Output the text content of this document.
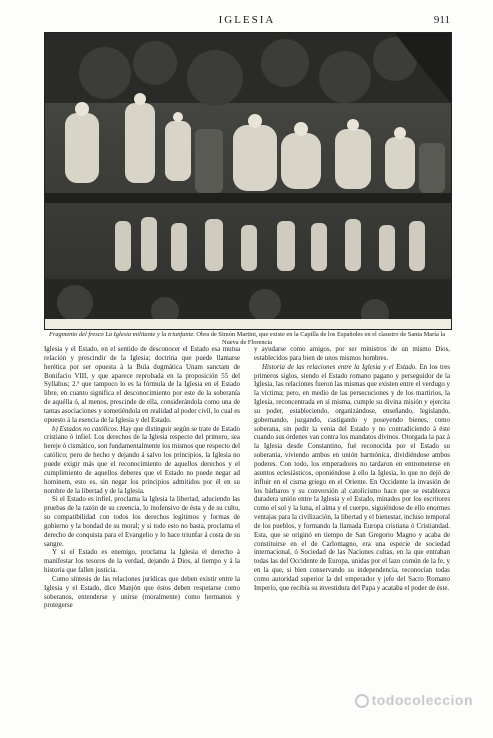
IGLESIA	911
Fragmento del fresco La Iglesia militante y la triunfante. Obra de Simón Martini, que existe en la Capilla de los Españoles en el claustro de Santa María la Nueva de Florencia

Iglesia y el Estado, en el sentido de desconocer el Estado esa mutua relación y prescindir de la Iglesia; doctrina que puede llamarse herética por ser opuesta á la Bula dogmática Unam sanctam de Bonifacio VIII, y que aparece reprobada en la proposición 55 del Syllabus; 2.ª que tampoco lo es la fórmula de la Iglesia en el Estado libre, en cuanto significa el desconocimiento por este de la soberanía de aquélla ó, al menos, prescinde de ella, considerándola como una de tantas asociaciones y sometiéndola en realidad al poder civil, lo cual es opuesto á la esencia de la Iglesia y del Estado.

b) Estados no católicos. Hay que distinguir según se trate de Estado cristiano ó infiel. Los derechos de la Iglesia respecto del primero, sea hereje ó cismático, son fundamentalmente los mismos que respecto del católico; pero de hecho y dejando á salvo los principios, la Iglesia no puede exigir más que el reconocimiento de aquellos derechos y el cumplimiento de aquellos deberes que el Estado no puede negar ad hominem, esto es, sin negar los principios admitidos por él en su nombre de la libertad y de la Iglesia.

Si el Estado es infiel, proclama la Iglesia la libertad, aduciendo las pruebas de la razón de su creencia, lo inofensivo de ésta y de su culto, su compatibilidad con todos los derechos legítimos y formas de gobierno y la bondad de su moral; y si todo esto no basta, proclama el derecho de conquista para el Evangelio y lo hace triunfar á costa de su sangre.

Y si el Estado es enemigo, proclama la Iglesia el derecho á manifestar los tesoros de la verdad, dejando á Dios, al tiempo y á la historia que fallen justicia.

Como síntesis de las relaciones jurídicas que deben existir entre la Iglesia y el Estado, dice Manjón que éstos deben respetarse como soberanos, entenderse y unirse (moralmente) como hermanos y protegerse

y ayudarse como amigos, por ser ministros de un mismo Dios, establecidos para bien de unos mismos hombres.

Historia de las relaciones entre la Iglesia y el Estado. En los tres primeros siglos, siendo el Estado romano pagano y perseguidor de la Iglesia, las relaciones fueron las mismas que existen entre el verdugo y la víctima; pero, en medio de las persecuciones y de los martirios, la Iglesia, reconcentrada en sí misma, cumple su divina misión y ejercita su poder, estableciendo, organizándose, enseñando, legislando, gobernando, juzgando, castigando y poseyendo bienes, como soberana, sin pedir la venia del Estado y no contradiciendo á éste cuando sus órdenes van contra los mandatos divinos. Otorgada la paz á la Iglesia desde Constantino, fué reconocida por el Estado su soberanía, viviendo ambos en unión harmónica, dividiéndose ambos poderes. Con todo, los emperadores no tardaron en entrometerse en asuntos eclesiásticos, oponiéndose á ello la Iglesia, lo que no dejó de influir en el cisma griego en el Oriente. En Occidente la invasión de los bárbaros y su conversión al catolicismo hace que se establezca duradera unión entre la Iglesia y el Estado, minados por los escritores como el sol y la luna, el alma y el cuerpo, siguiéndose de ello enormes ventajas para la civilización, la libertad y el bienestar, incluso temporal de los pueblos, y formando la llamada Europa cristiana ó Cristiandad. Esta, que se originó en tiempo de San Gregorio Magno y acaba de constituirse en el de Carlomagno, era una especie de sociedad internacional, ó Sociedad de las Naciones cultas, en la que entraban todas las del Occidente de Europa, unidas por el lazo común de la fe, y en la que, si bien conservando su independencia, reconocían todas como autoridad superior la del emperador y jefe del Sacro Romano Imperio, que recibía su investidura del Papa y acataba el poder de éste.

todocoleccion
